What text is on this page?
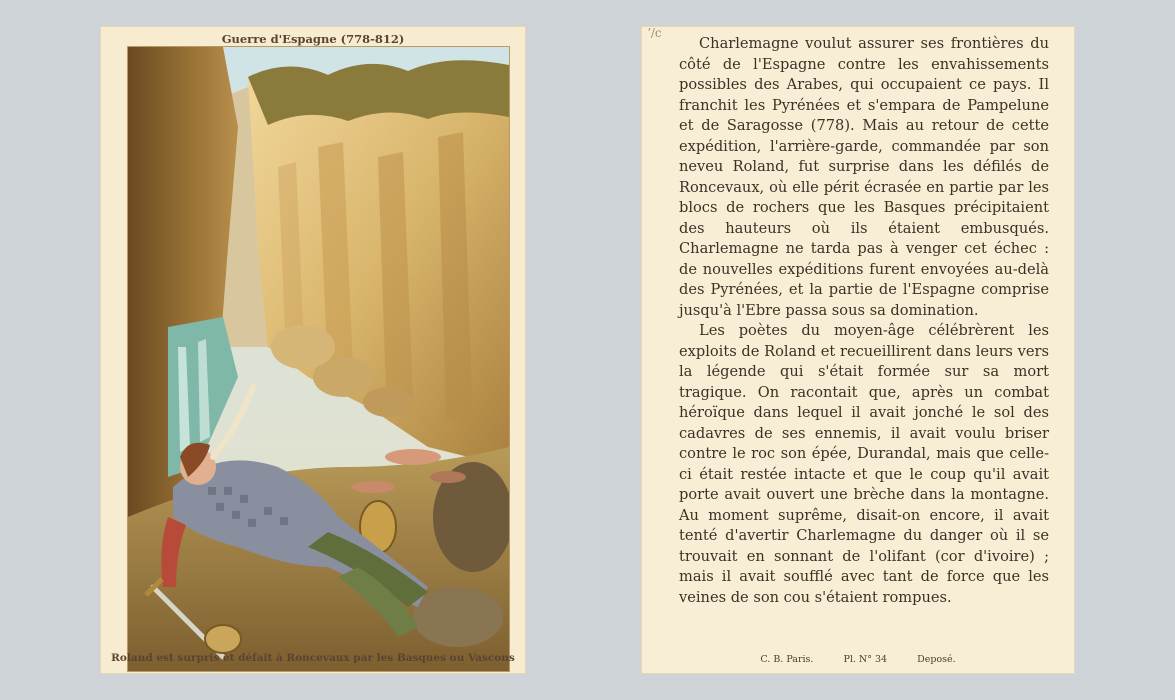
Guerre d'Espagne (778-812)
Roland est surpris et défait à Roncevaux par les Basques ou Vascons
ʼ/c

Charlemagne voulut assurer ses frontières du côté de l'Espagne contre les envahissements possibles des Arabes, qui occupaient ce pays. Il franchit les Pyrénées et s'empara de Pampelune et de Saragosse (778). Mais au retour de cette expédition, l'arrière-garde, commandée par son neveu Roland, fut surprise dans les défilés de Roncevaux, où elle périt écrasée en partie par les blocs de rochers que les Basques précipitaient des hauteurs où ils étaient embusqués. Charlemagne ne tarda pas à venger cet échec : de nouvelles expéditions furent envoyées au-delà des Pyrénées, et la partie de l'Espagne comprise jusqu'à l'Ebre passa sous sa domination.

Les poètes du moyen-âge célébrèrent les exploits de Roland et recueillirent dans leurs vers la légende qui s'était formée sur sa mort tragique. On racontait que, après un combat héroïque dans lequel il avait jonché le sol des cadavres de ses ennemis, il avait voulu briser contre le roc son épée, Durandal, mais que celle-ci était restée intacte et que le coup qu'il avait porte avait ouvert une brèche dans la montagne. Au moment suprême, disait-on encore, il avait tenté d'avertir Charlemagne du danger où il se trouvait en sonnant de l'olifant (cor d'ivoire) ; mais il avait soufflé avec tant de force que les veines de son cou s'étaient rompues.

C. B. Paris.	Pl. N° 34	Deposé.
